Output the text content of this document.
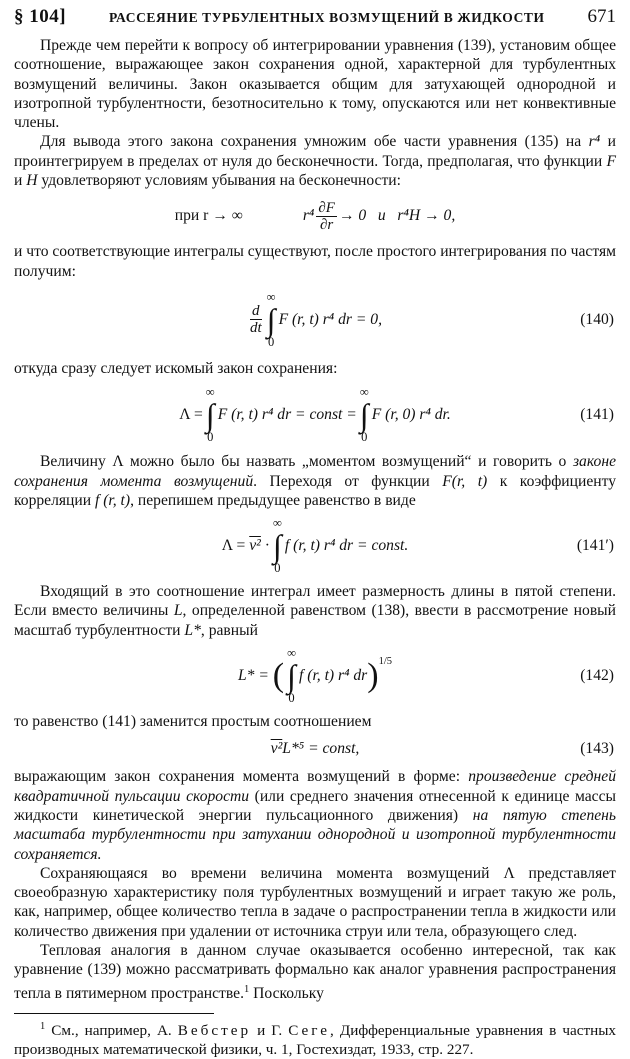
§ 104]	РАССЕЯНИЕ ТУРБУЛЕНТНЫХ ВОЗМУЩЕНИЙ В ЖИДКОСТИ 671

Прежде чем перейти к вопросу об интегрировании уравнения (139), установим общее соотношение, выражающее закон сохранения одной, характерной для турбулентных возмущений величины. Закон оказывается общим для затухающей однородной и изотропной турбулентности, безотносительно к тому, опускаются или нет конвективные члены.

Для вывода этого закона сохранения умножим обе части уравнения (135) на r⁴ и проинтегрируем в пределах от нуля до бесконечности. Тогда, предполагая, что функции F и H удовлетворяют условиям убывания на бесконечности:

при r → ∞	$r^4 \frac{\partial F}{\partial r} \to 0$   и   r⁴H → 0,

и что соответствующие интегралы существуют, после простого интегрирования по частям получим:

$\frac{d}{dt}$
∞
∫
0
F (r, t) r⁴ dr = 0,	(140)

откуда сразу следует искомый закон сохранения:

Λ =
∞
∫
0
F (r, t) r⁴ dr = const =
∞
∫
0
F (r, 0) r⁴ dr.	(141)

Величину Λ можно было бы назвать „моментом возмущений“ и говорить о законе сохранения момента возмущений. Переходя от функции F(r, t) к коэффициенту корреляции f (r, t), перепишем предыдущее равенство в виде

Λ =
v²
·
∞
∫
0
f (r, t) r⁴ dr = const.	(141′)

Входящий в это соотношение интеграл имеет размерность длины в пятой степени. Если вместо величины L, определенной равенством (138), ввести в рассмотрение новый масштаб турбулентности L*, равный

L* =
(
∞
∫
0
f (r, t) r⁴ dr )$^{1/5}$
(142)

то равенство (141) заменится простым соотношением

v² L*⁵ = const,	(143)

выражающим закон сохранения момента возмущений в форме: произведение средней квадратичной пульсации скорости (или среднего значения отнесенной к единице массы жидкости кинетической энергии пульсационного движения) на пятую степень масштаба турбулентности при затухании однородной и изотропной турбулентности сохраняется.

Сохраняющаяся во времени величина момента возмущений Λ представляет своеобразную характеристику поля турбулентных возмущений и играет такую же роль, как, например, общее количество тепла в задаче о распространении тепла в жидкости или количество движения при удалении от источника струи или тела, образующего след.

Тепловая аналогия в данном случае оказывается особенно интересной, так как уравнение (139) можно рассматривать формально как аналог уравнения распространения тепла в пятимерном пространстве.$^1$ Поскольку

$^1$ См., например, А. Вебстер и Г. Сеге, Дифференциальные уравнения в частных производных математической физики, ч. 1, Гостехиздат, 1933, стр. 227.
